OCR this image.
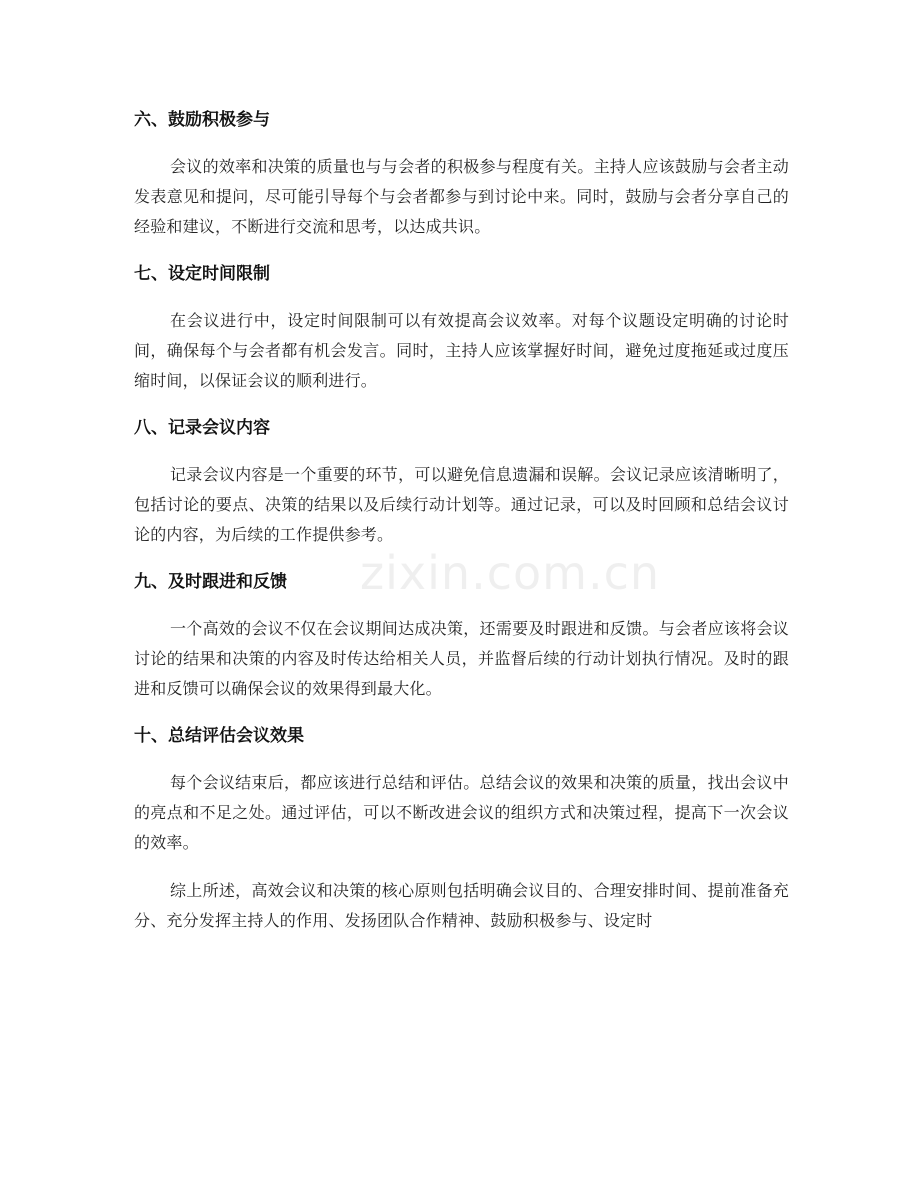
六、鼓励积极参与

会议的效率和决策的质量也与与会者的积极参与程度有关。主持人应该鼓励与会者主动发表意见和提问，尽可能引导每个与会者都参与到讨论中来。同时，鼓励与会者分享自己的经验和建议，不断进行交流和思考，以达成共识。

七、设定时间限制

在会议进行中，设定时间限制可以有效提高会议效率。对每个议题设定明确的讨论时间，确保每个与会者都有机会发言。同时，主持人应该掌握好时间，避免过度拖延或过度压缩时间，以保证会议的顺利进行。

八、记录会议内容

记录会议内容是一个重要的环节，可以避免信息遗漏和误解。会议记录应该清晰明了，包括讨论的要点、决策的结果以及后续行动计划等。通过记录，可以及时回顾和总结会议讨论的内容，为后续的工作提供参考。

九、及时跟进和反馈

一个高效的会议不仅在会议期间达成决策，还需要及时跟进和反馈。与会者应该将会议讨论的结果和决策的内容及时传达给相关人员，并监督后续的行动计划执行情况。及时的跟进和反馈可以确保会议的效果得到最大化。

十、总结评估会议效果

每个会议结束后，都应该进行总结和评估。总结会议的效果和决策的质量，找出会议中的亮点和不足之处。通过评估，可以不断改进会议的组织方式和决策过程，提高下一次会议的效率。

综上所述，高效会议和决策的核心原则包括明确会议目的、合理安排时间、提前准备充分、充分发挥主持人的作用、发扬团队合作精神、鼓励积极参与、设定时

zixin.com.cn
